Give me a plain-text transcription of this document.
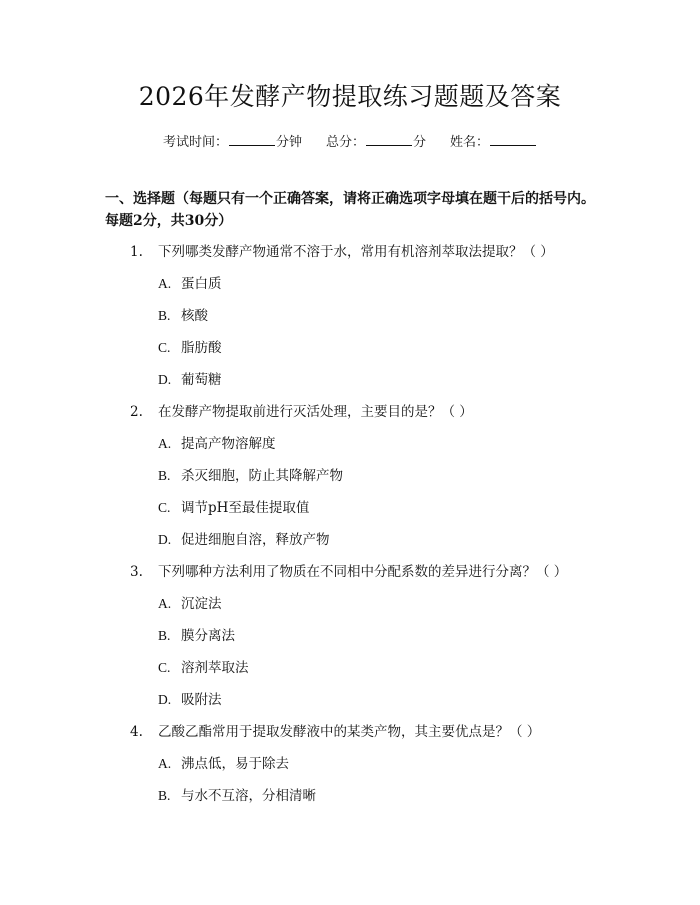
2026年发酵产物提取练习题题及答案
考试时间：	分钟 总分：	分 姓名：
一、选择题（每题只有一个正确答案，请将正确选项字母填在题干后的括号内。每题2分，共30分）
1. 下列哪类发酵产物通常不溶于水，常用有机溶剂萃取法提取？（ ）
A. 蛋白质
B. 核酸
C. 脂肪酸
D. 葡萄糖
2. 在发酵产物提取前进行灭活处理，主要目的是？（ ）
A. 提高产物溶解度
B. 杀灭细胞，防止其降解产物
C. 调节pH至最佳提取值
D. 促进细胞自溶，释放产物
3. 下列哪种方法利用了物质在不同相中分配系数的差异进行分离？（ ）
A. 沉淀法
B. 膜分离法
C. 溶剂萃取法
D. 吸附法
4. 乙酸乙酯常用于提取发酵液中的某类产物，其主要优点是？（ ）
A. 沸点低，易于除去
B. 与水不互溶，分相清晰
